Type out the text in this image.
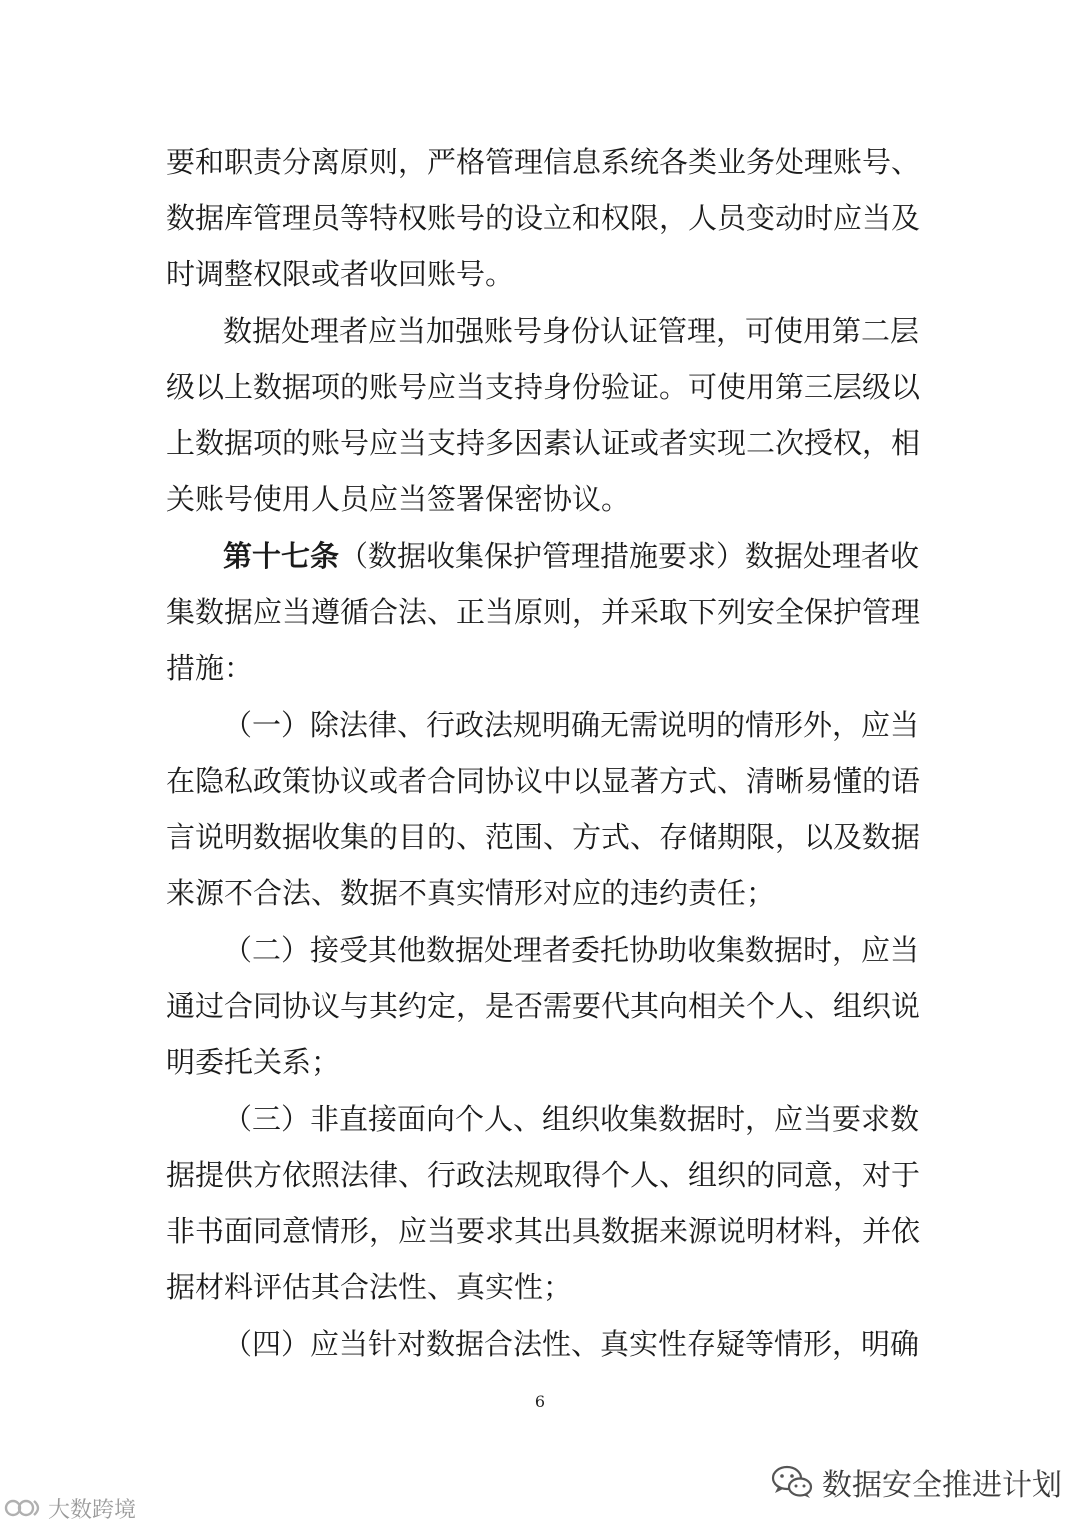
要和职责分离原则，严格管理信息系统各类业务处理账号、
数据库管理员等特权账号的设立和权限，人员变动时应当及
时调整权限或者收回账号。
数据处理者应当加强账号身份认证管理，可使用第二层
级以上数据项的账号应当支持身份验证。可使用第三层级以
上数据项的账号应当支持多因素认证或者实现二次授权，相
关账号使用人员应当签署保密协议。
第十七条（数据收集保护管理措施要求）数据处理者收
集数据应当遵循合法、正当原则，并采取下列安全保护管理
措施：
（一）除法律、行政法规明确无需说明的情形外，应当
在隐私政策协议或者合同协议中以显著方式、清晰易懂的语
言说明数据收集的目的、范围、方式、存储期限，以及数据
来源不合法、数据不真实情形对应的违约责任；
（二）接受其他数据处理者委托协助收集数据时，应当
通过合同协议与其约定，是否需要代其向相关个人、组织说
明委托关系；
（三）非直接面向个人、组织收集数据时，应当要求数
据提供方依照法律、行政法规取得个人、组织的同意，对于
非书面同意情形，应当要求其出具数据来源说明材料，并依
据材料评估其合法性、真实性；
（四）应当针对数据合法性、真实性存疑等情形，明确
6
数据安全推进计划
大数跨境
